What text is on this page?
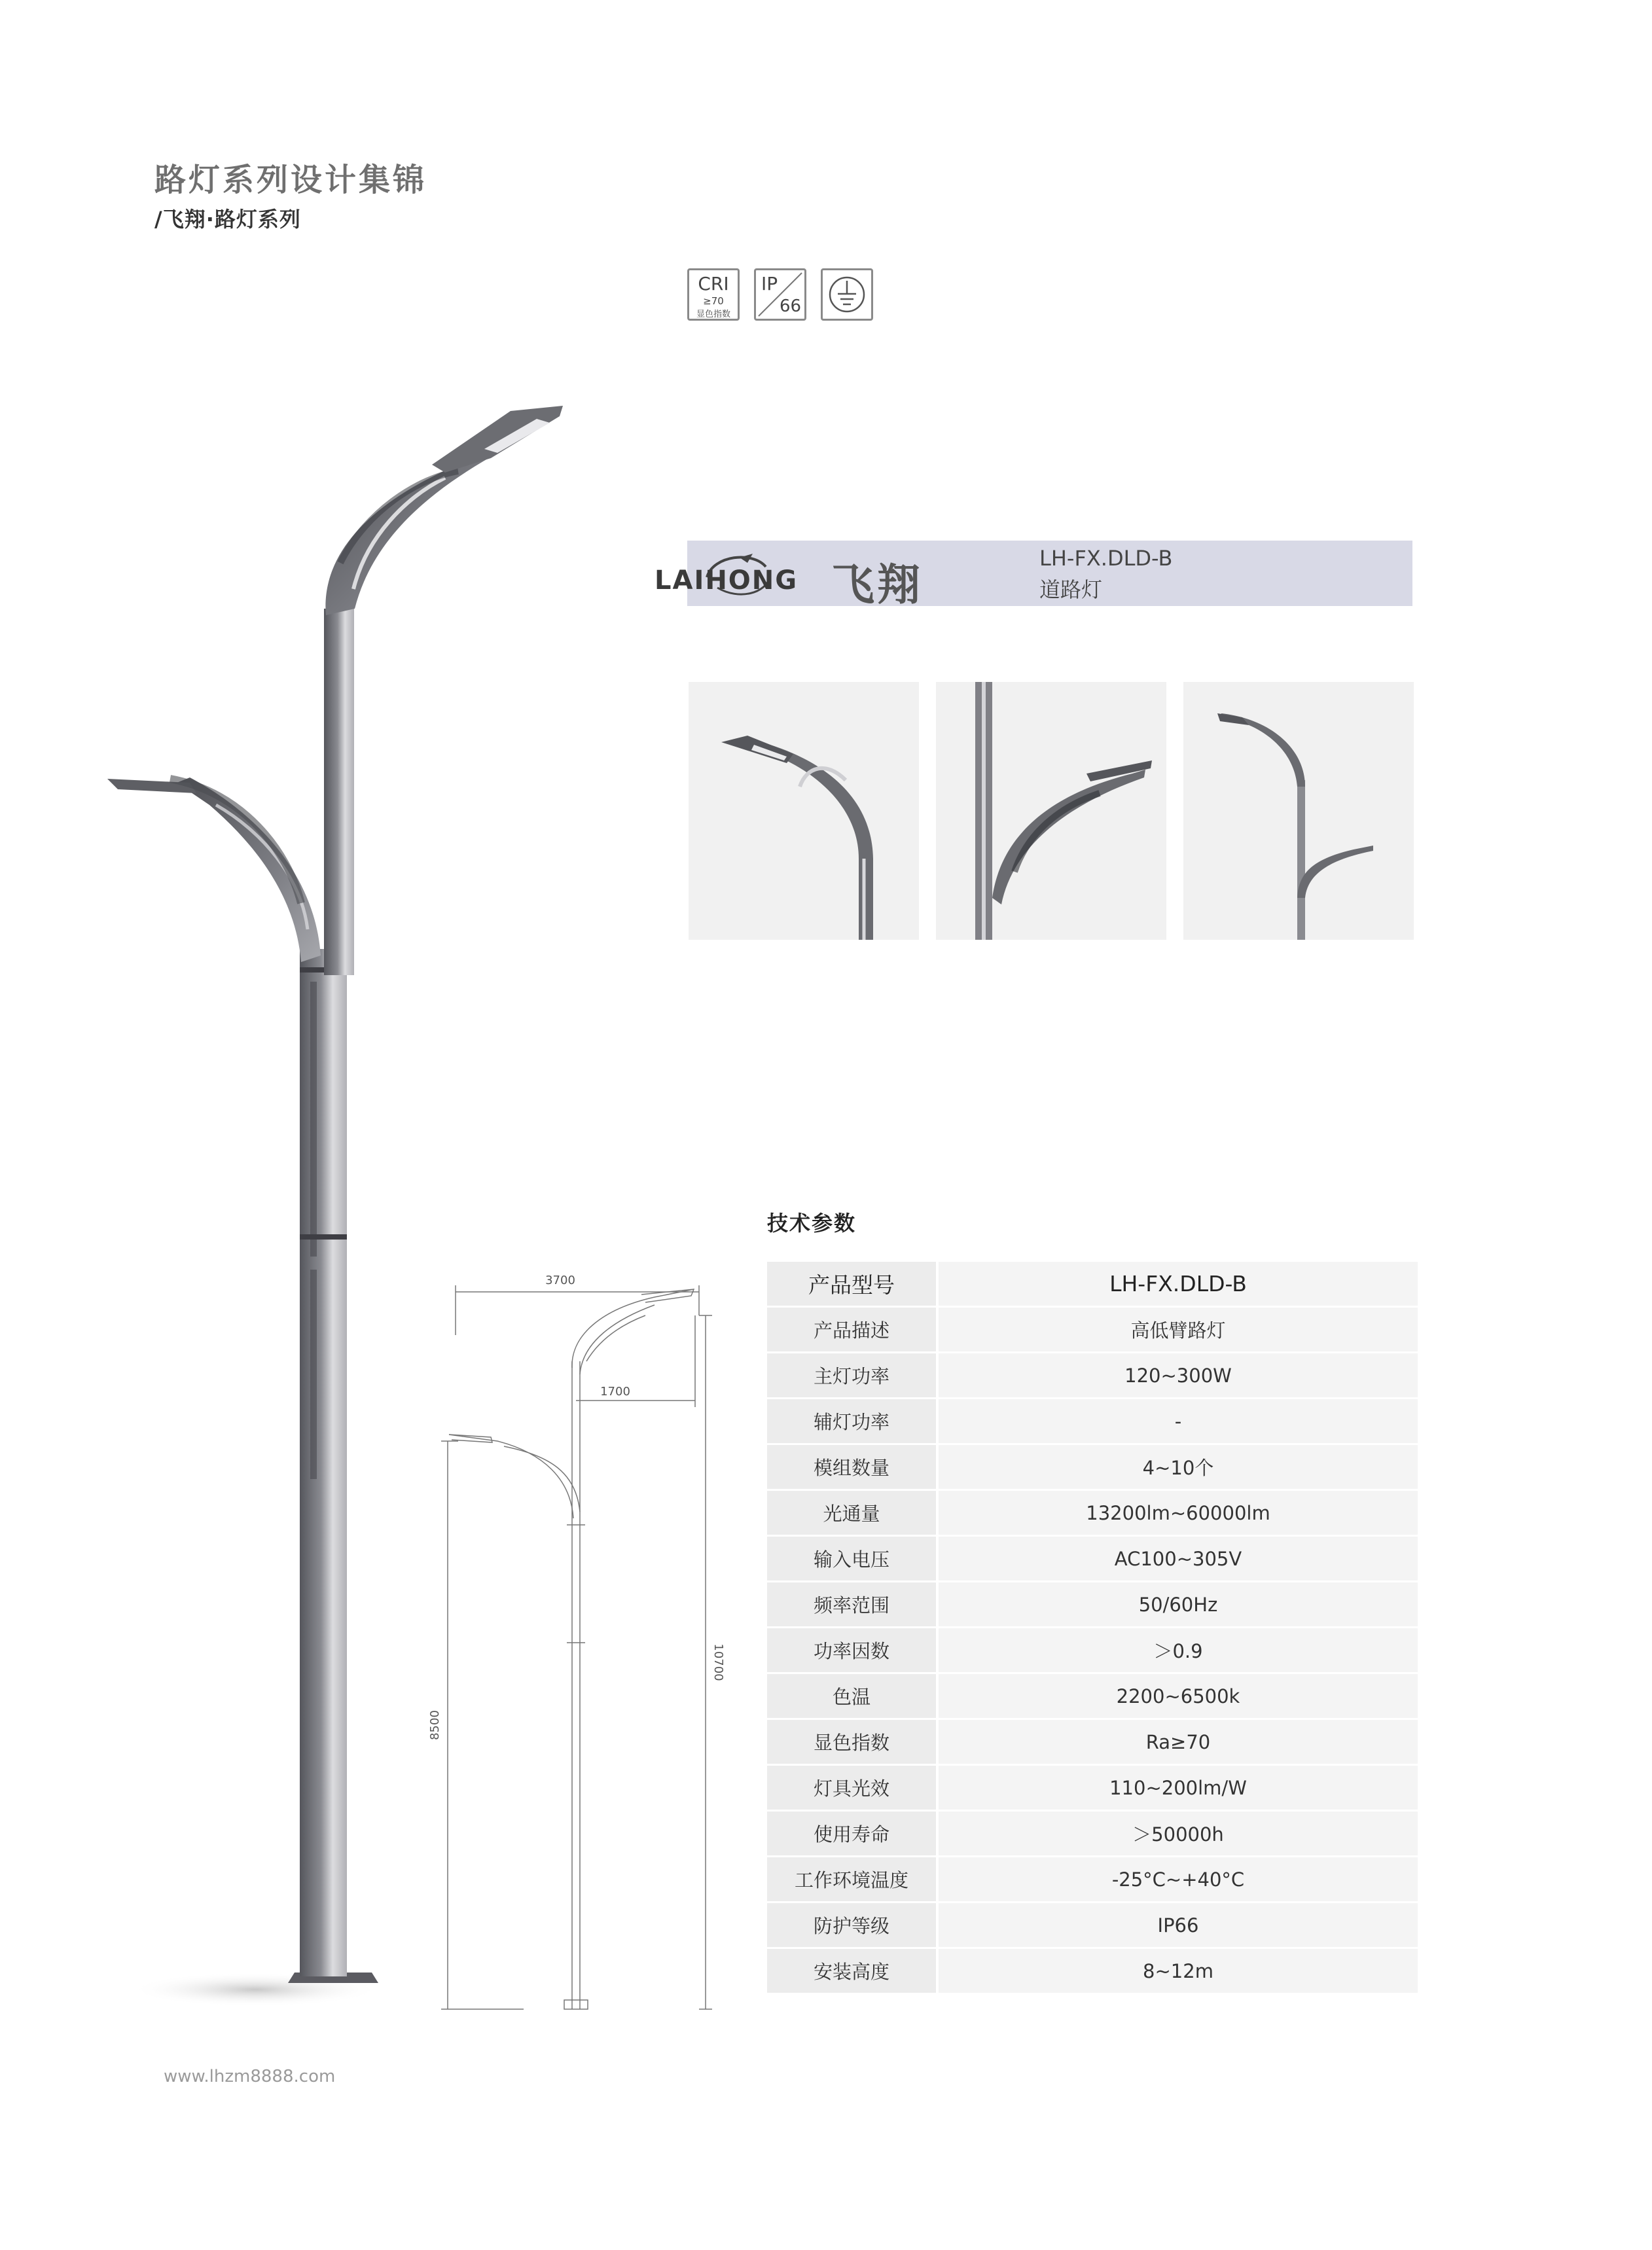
路灯系列设计集锦
/飞翔·路灯系列
CRI
≥70
显色指数
IP
66
LAIHONG 飞翔
LH-FX.DLD-B
道路灯
3700
1700
10700
8500
技术参数
产品型号	LH-FX.DLD-B
产品描述	高低臂路灯
主灯功率	120~300W
辅灯功率	-
模组数量	4~10个
光通量	13200lm~60000lm
输入电压	AC100~305V
频率范围	50/60Hz
功率因数	＞0.9
色温	2200~6500k
显色指数	Ra≥70
灯具光效	110~200lm/W
使用寿命	＞50000h
工作环境温度	-25°C~+40°C
防护等级	IP66
安装高度	8~12m
www.lhzm8888.com
